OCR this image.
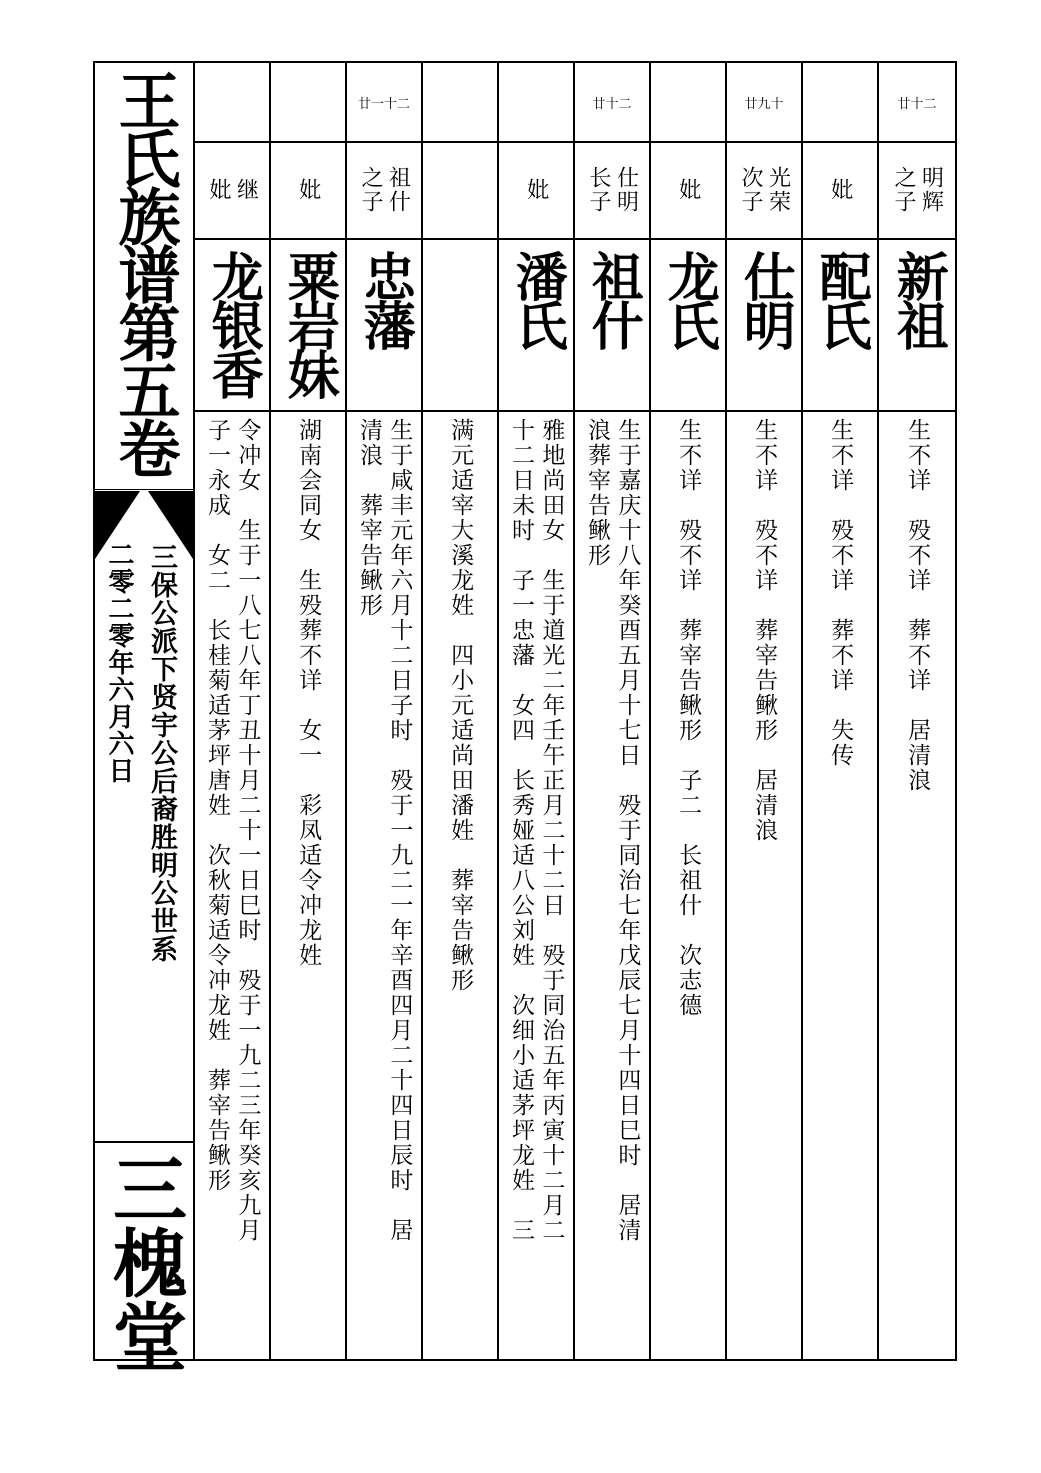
王氏族谱第五卷
三保公派下贤宇公后裔胜明公世系
二零二零年六月六日
三槐堂
继
妣
龙银香
令冲女　生于一八七八年丁丑十月二十一日巳时　殁于一九二三年癸亥九月
子一永成　女二　长桂菊适茅坪唐姓　次秋菊适令冲龙姓　葬宰告鳅形
妣
粟岩妹
湖南会同女　生殁葬不详　女一　彩凤适令冲龙姓
廿一十二
祖什
之子
忠藩
生于咸丰元年六月十二日子时　殁于一九二一年辛酉四月二十四日辰时　居
清浪　葬宰告鳅形	满元适宰大溪龙姓　四小元适尚田潘姓　葬宰告鳅形
妣
潘氏
雅地尚田女　生于道光二年壬午正月二十二日　殁于同治五年丙寅十二月二
十二日未时　子一忠藩　女四　长秀娅适八公刘姓　次细小适茅坪龙姓　三
廿十二
仕明
长子
祖什
生于嘉庆十八年癸酉五月十七日　殁于同治七年戊辰七月十四日巳时　居清
浪葬宰告鳅形
妣
龙氏
生不详　殁不详　葬宰告鳅形　子二　长祖什　次志德
廿九十
光荣
次子
仕明
生不详　殁不详　葬宰告鳅形　居清浪
妣
配氏
生不详　殁不详　葬不详　失传
廿十二
明辉
之子
新祖
生不详　殁不详　葬不详　居清浪
